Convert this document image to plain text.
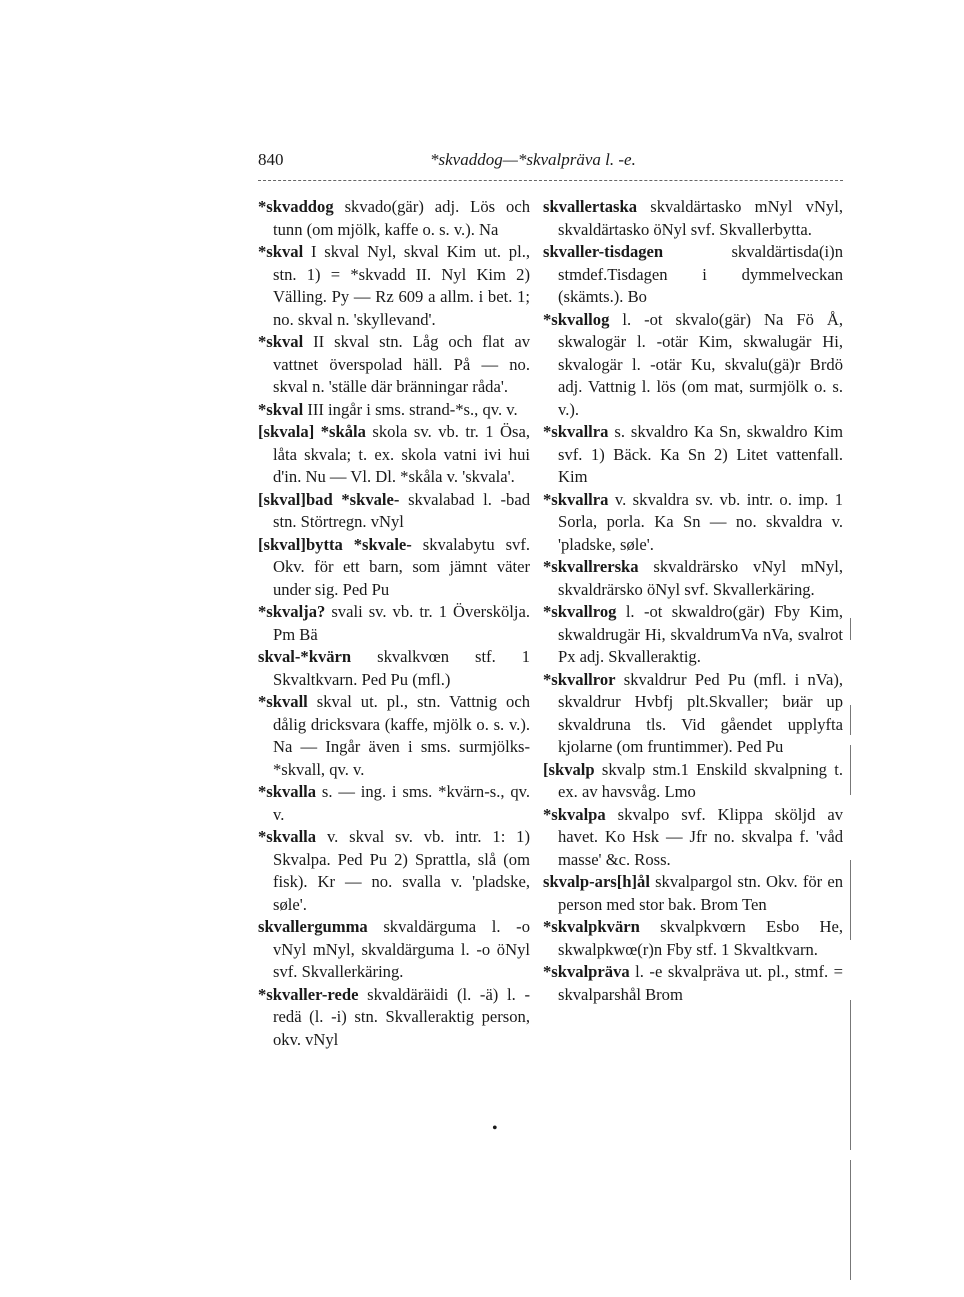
840	*skvaddog—*skvalpräva l. -e.

*skvaddog skvado(gär) adj. Lös och tunn (om mjölk, kaffe o. s. v.). Na

*skval I skval Nyl, skval Kim ut. pl., stn. 1) = *skvadd II. Nyl Kim 2) Välling. Py — Rz 609 a allm. i bet. 1; no. skval n. 'skyllevand'.

*skval II skval stn. Låg och flat av vattnet överspolad häll. På — no. skval n. 'ställe där bränningar råda'.

*skval III ingår i sms. strand-*s., qv. v.

[skvala] *skåla skola sv. vb. tr. 1 Ösa, låta skvala; t. ex. skola vatni ivi hui d'in. Nu — Vl. Dl. *skåla v. 'skvala'.

[skval]bad *skvale- skvalabad l. -bad stn. Störtregn. vNyl

[skval]bytta *skvale- skvalabytu svf. Okv. för ett barn, som jämnt väter under sig. Ped Pu

*skvalja? svali sv. vb. tr. 1 Översköljа. Pm Bä

skval-*kvärn skvalkvœn stf. 1 Skvaltkvarn. Ped Pu (mfl.)

*skvall skval ut. pl., stn. Vattnig och dålig dricksvara (kaffe, mjölk o. s. v.). Na — Ingår även i sms. surmjölks-*skvall, qv. v.

*skvalla s. — ing. i sms. *kvärn-s., qv. v.

*skvalla v. skval sv. vb. intr. 1: 1) Skvalpa. Ped Pu 2) Sprattla, slå (om fisk). Kr — no. svalla v. 'pladske, søle'.

skvallergumma skvaldärguma l. -o vNyl mNyl, skvaldärguma l. -o öNyl svf. Skvallerkäring.

*skvaller-rede skvaldäräidi (l. -ä) l. -redä (l. -i) stn. Skvalleraktig person, okv. vNyl

skvallertaska skvaldärtasko mNyl vNyl, skvaldärtasko öNyl svf. Skvallerbytta.

skvaller-tisdagen skvaldärtisdа(i)n stmdef.Tisdagen i dymmelveckan (skämts.). Bo

*skvallog l. -ot skvalo(gär) Na Fö Å, skwalogär l. -otär Kim, skwalugär Hi, skvalogär l. -otär Ku, skvalu(gä)r Brdö adj. Vattnig l. lös (om mat, surmjölk o. s. v.).

*skvallra s. skvaldro Ka Sn, skwaldro Kim svf. 1) Bäck. Ka Sn 2) Litet vattenfall. Kim

*skvallra v. skvaldra sv. vb. intr. o. imp. 1 Sorla, porla. Ka Sn — no. skvaldra v. 'pladske, søle'.

*skvallrerska skvaldrärsko vNyl mNyl, skvaldrärsko öNyl svf. Skvallerkäring.

*skvallrog l. -ot skwaldro(gär) Fby Kim, skwaldrugär Hi, skvaldrumVa nVa, svalrot Px adj. Skvalleraktig.

*skvallror skvaldrur Ped Pu (mfl. i nVa), skvaldrur Hvbfj plt.Skvaller; bиär up skvaldruna tls. Vid gåendet upplyfta kjolarne (om fruntimmer). Ped Pu

[skvalp skvalp stm.1 Enskild skvalpning t. ex. av havsvåg. Lmo

*skvalpa skvalpo svf. Klippa sköljd av havet. Ko Hsk — Jfr no. skvalpa f. 'våd masse' &c. Ross.

skvalp-ars[h]ål skvalpargol stn. Okv. för en person med stor bak. Brom Ten

*skvalpkvärn skvalpkvœrn Esbo He, skwalpkwœ(r)n Fby stf. 1 Skvaltkvarn.

*skvalpräva l. -e skvalpräva ut. pl., stmf. = skvalparshål Brom

•
